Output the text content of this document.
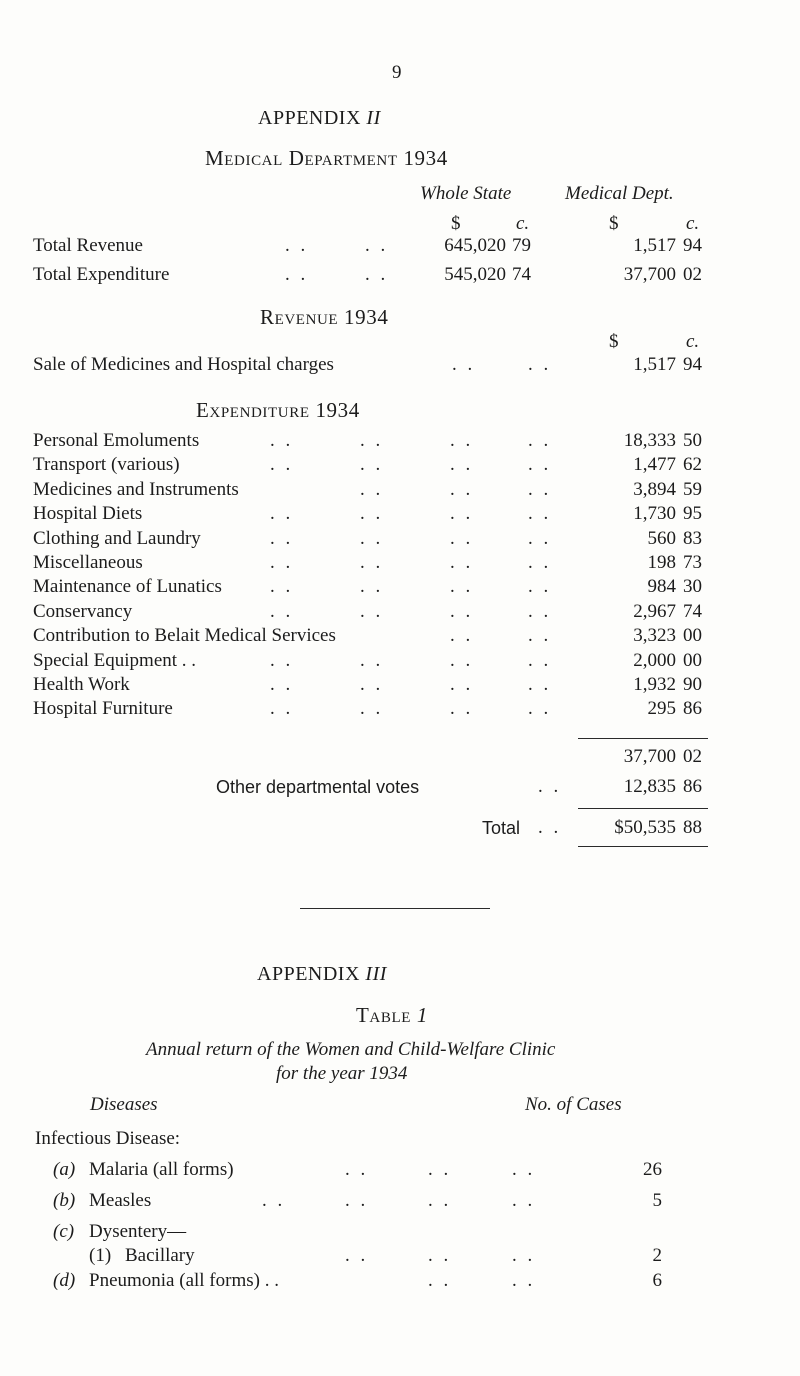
9
APPENDIX II
Medical Department 1934
Whole State	Medical Dept.
$	c.	$	c.
Total Revenue	. .	. .	645,020 79	1,517 94
Total Expenditure	. .	. .	545,020 74	37,700 02
Revenue 1934
$	c.
Sale of Medicines and Hospital charges	. .	. .	1,517 94
Expenditure 1934
Personal Emoluments	. .	. .	. .	. .	18,333 50
Transport (various)	. .	. .	. .	. .	1,477 62
Medicines and Instruments	. .	. .	. .	3,894 59
Hospital Diets	. .	. .	. .	. .	1,730 95
Clothing and Laundry	. .	. .	. .	. .	560 83
Miscellaneous	. .	. .	. .	. .	198 73
Maintenance of Lunatics	. .	. .	. .	. .	984 30
Conservancy	. .	. .	. .	. .	2,967 74
Contribution to Belait Medical Services	. .	. .	3,323 00
Special Equipment . .	. .	. .	. .	. .	2,000 00
Health Work	. .	. .	. .	. .	1,932 90
Hospital Furniture	. .	. .	. .	. .	295 86
37,700 02
Other departmental votes	. .	12,835 86
Total . .	$50,535 88
APPENDIX III
Table 1
Annual return of the Women and Child-Welfare Clinic
for the year 1934
Diseases	No. of Cases
Infectious Disease:
(a) Malaria (all forms)	. .	. .	. .	26
(b) Measles	. .	. .	. .	. .	5
(c) Dysentery—
(1) Bacillary	. .	. .	. .	2
(d) Pneumonia (all forms) . .	. .	. .	6
